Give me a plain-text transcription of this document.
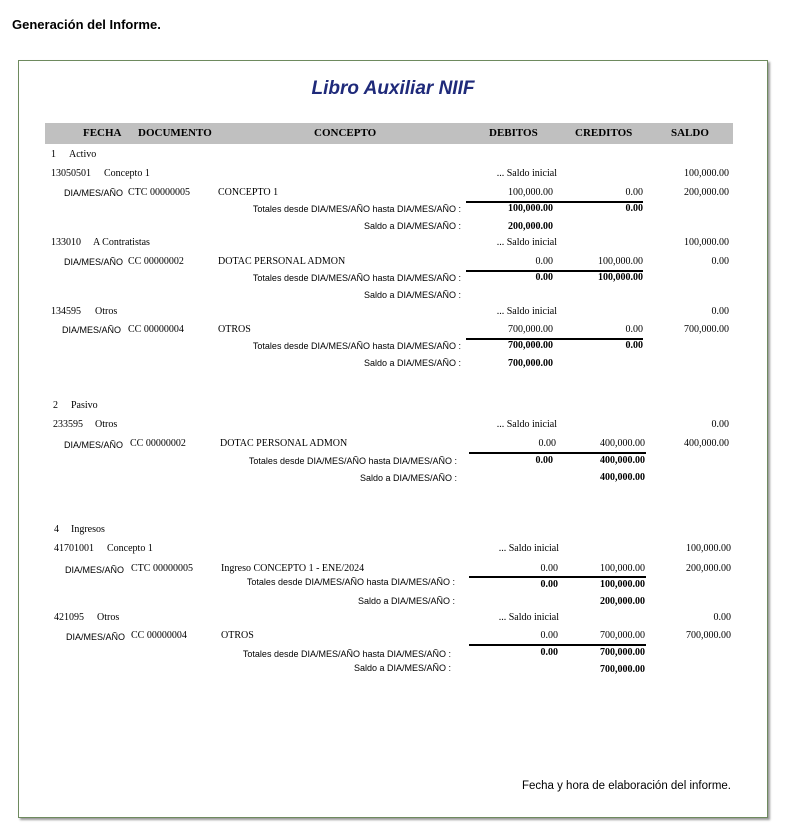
Generación del Informe.
Libro Auxiliar NIIF
FECHA DOCUMENTO	CONCEPTO	DEBITOS	CREDITOS	SALDO
1 Activo
13050501 Concepto 1	... Saldo inicial	100,000.00
DIA/MES/AÑO CTC 00000005	CONCEPTO 1	100,000.00	0.00	200,000.00
Totales desde DIA/MES/AÑO hasta DIA/MES/AÑO :	100,000.00	0.00
Saldo a DIA/MES/AÑO :	200,000.00
133010 A Contratistas	... Saldo inicial	100,000.00
DIA/MES/AÑO CC 00000002	DOTAC PERSONAL ADMON	0.00	100,000.00	0.00
Totales desde DIA/MES/AÑO hasta DIA/MES/AÑO :	0.00	100,000.00
Saldo a DIA/MES/AÑO :
134595 Otros	... Saldo inicial	0.00
DIA/MES/AÑO CC 00000004	OTROS	700,000.00	0.00	700,000.00
Totales desde DIA/MES/AÑO hasta DIA/MES/AÑO :	700,000.00	0.00
Saldo a DIA/MES/AÑO :	700,000.00
2 Pasivo
233595 Otros	... Saldo inicial	0.00
DIA/MES/AÑO CC 00000002	DOTAC PERSONAL ADMON	0.00	400,000.00	400,000.00
Totales desde DIA/MES/AÑO hasta DIA/MES/AÑO :	0.00	400,000.00
Saldo a DIA/MES/AÑO :	400,000.00
4 Ingresos
41701001 Concepto 1	... Saldo inicial	100,000.00
DIA/MES/AÑO CTC 00000005	Ingreso CONCEPTO 1 - ENE/2024	0.00	100,000.00	200,000.00
Totales desde DIA/MES/AÑO hasta DIA/MES/AÑO :	0.00	100,000.00
Saldo a DIA/MES/AÑO :	200,000.00
421095 Otros	... Saldo inicial	0.00
DIA/MES/AÑO CC 00000004	OTROS	0.00	700,000.00	700,000.00
Totales desde DIA/MES/AÑO hasta DIA/MES/AÑO :	0.00	700,000.00
Saldo a DIA/MES/AÑO :	700,000.00
Fecha y hora de elaboración del informe.
